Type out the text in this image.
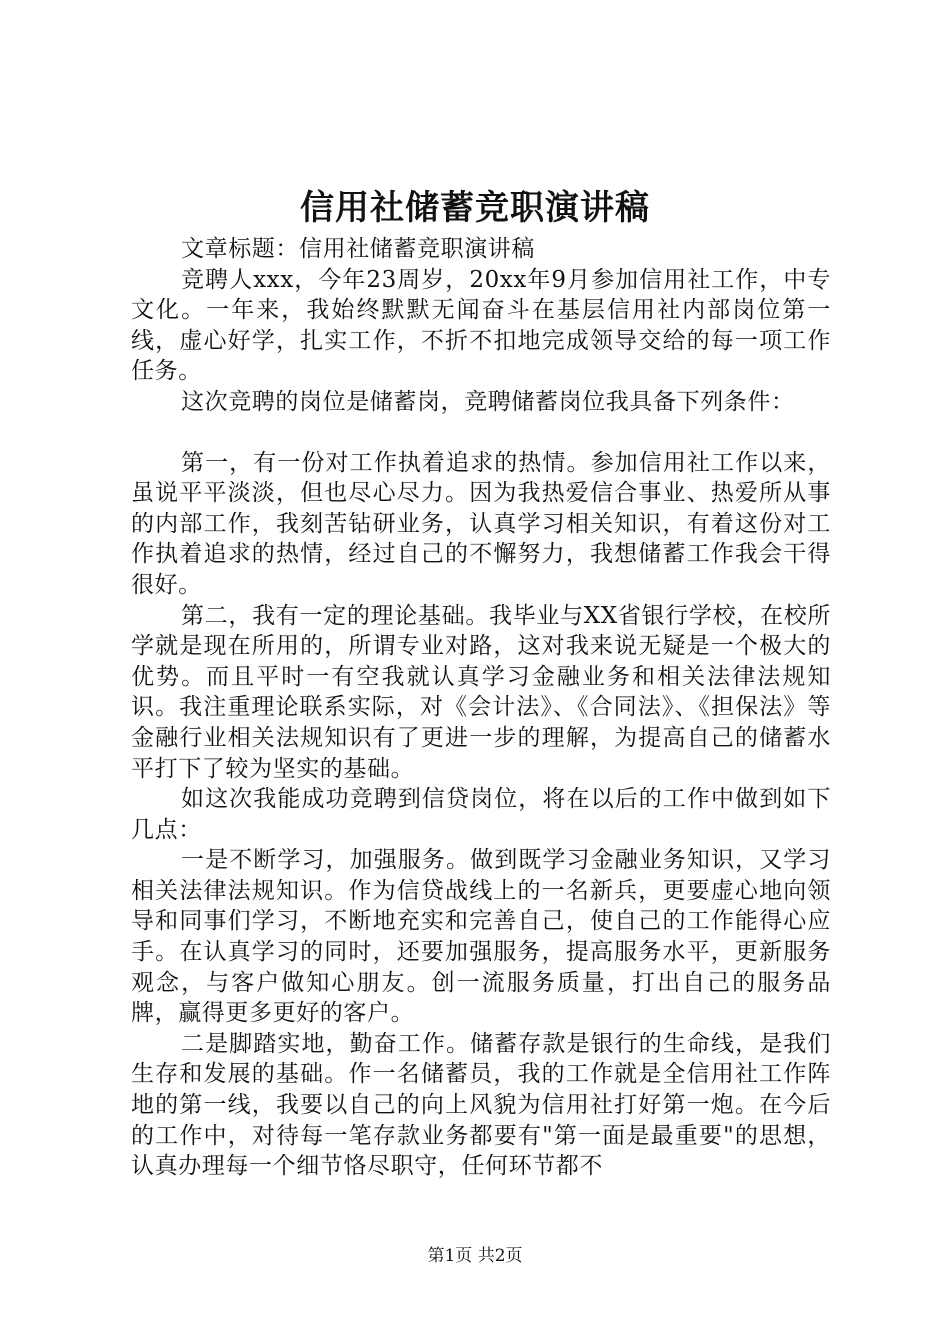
信用社储蓄竞职演讲稿

文章标题：信用社储蓄竞职演讲稿

竞聘人xxx，今年23周岁，20xx年9月参加信用社工作，中专文化。一年来，我始终默默无闻奋斗在基层信用社内部岗位第一线，虚心好学，扎实工作，不折不扣地完成领导交给的每一项工作任务。

这次竞聘的岗位是储蓄岗，竞聘储蓄岗位我具备下列条件：

第一，有一份对工作执着追求的热情。参加信用社工作以来，虽说平平淡淡，但也尽心尽力。因为我热爱信合事业、热爱所从事的内部工作，我刻苦钻研业务，认真学习相关知识，有着这份对工作执着追求的热情，经过自己的不懈努力，我想储蓄工作我会干得很好。

第二，我有一定的理论基础。我毕业与XX省银行学校，在校所学就是现在所用的，所谓专业对路，这对我来说无疑是一个极大的优势。而且平时一有空我就认真学习金融业务和相关法律法规知识。我注重理论联系实际，对《会计法》、《合同法》、《担保法》等金融行业相关法规知识有了更进一步的理解，为提高自己的储蓄水平打下了较为坚实的基础。

如这次我能成功竞聘到信贷岗位，将在以后的工作中做到如下几点：

一是不断学习，加强服务。做到既学习金融业务知识，又学习相关法律法规知识。作为信贷战线上的一名新兵，更要虚心地向领导和同事们学习，不断地充实和完善自己，使自己的工作能得心应手。在认真学习的同时，还要加强服务，提高服务水平，更新服务观念，与客户做知心朋友。创一流服务质量，打出自己的服务品牌，赢得更多更好的客户。

二是脚踏实地，勤奋工作。储蓄存款是银行的生命线，是我们生存和发展的基础。作一名储蓄员，我的工作就是全信用社工作阵地的第一线，我要以自己的向上风貌为信用社打好第一炮。在今后的工作中，对待每一笔存款业务都要有"第一面是最重要"的思想，认真办理每一个细节恪尽职守，任何环节都不

第1页 共2页
